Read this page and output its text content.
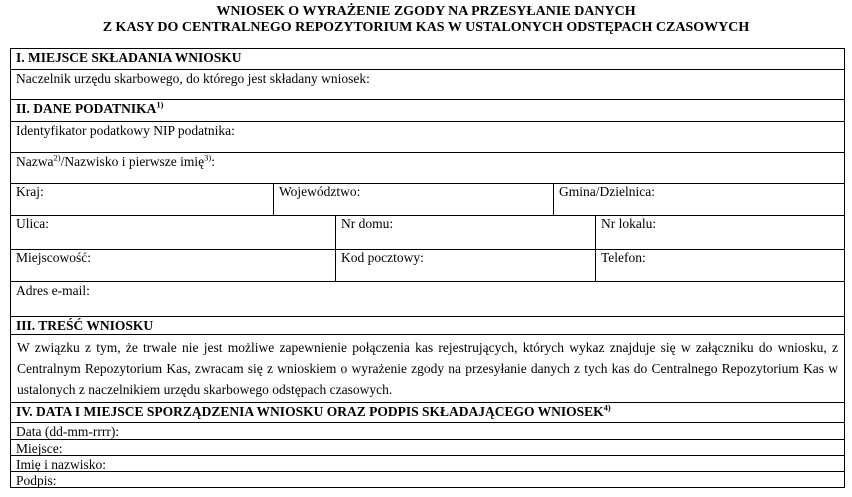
WNIOSEK O WYRAŻENIE ZGODY NA PRZESYŁANIE DANYCH
Z KASY DO CENTRALNEGO REPOZYTORIUM KAS W USTALONYCH ODSTĘPACH CZASOWYCH
I. MIEJSCE SKŁADANIA WNIOSKU
Naczelnik urzędu skarbowego, do którego jest składany wniosek:
II. DANE PODATNIKA$^{1)}$
Identyfikator podatkowy NIP podatnika:
Nazwa$^{2)}$/Nazwisko i pierwsze imię$^{3)}$:
Kraj:	Województwo:	Gmina/Dzielnica:
Ulica:	Nr domu:	Nr lokalu:
Miejscowość:	Kod pocztowy:	Telefon:
Adres e-mail:
III. TREŚĆ WNIOSKU

W związku z tym, że trwale nie jest możliwe zapewnienie połączenia kas rejestrujących, których wykaz znajduje się w załączniku do wniosku, z Centralnym Repozytorium Kas, zwracam się z wnioskiem o wyrażenie zgody na przesyłanie danych z tych kas do Centralnego Repozytorium Kas w ustalonych z naczelnikiem urzędu skarbowego odstępach czasowych.

IV. DATA I MIEJSCE SPORZĄDZENIA WNIOSKU ORAZ PODPIS SKŁADAJĄCEGO WNIOSEK$^{4)}$
Data (dd-mm-rrrr):
Miejsce:
Imię i nazwisko:
Podpis:
